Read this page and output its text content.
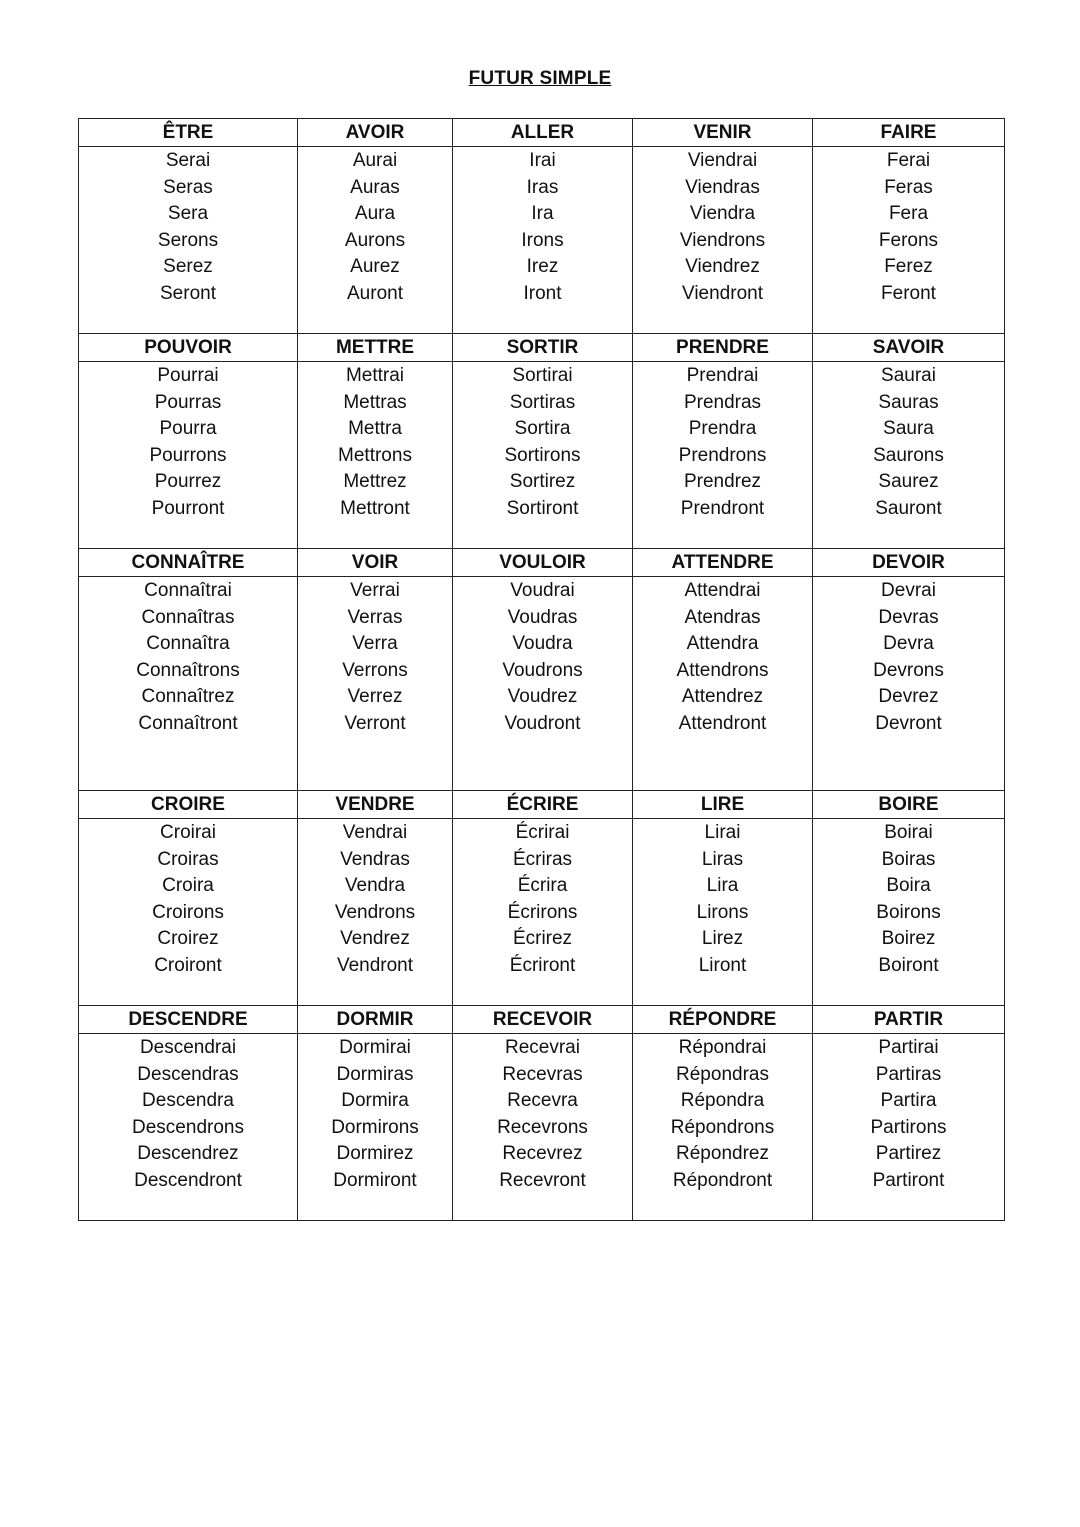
FUTUR SIMPLE
ÊTRE
Serai
Seras
Sera
Serons
Serez
Seront
AVOIR
Aurai
Auras
Aura
Aurons
Aurez
Auront
ALLER
Irai
Iras
Ira
Irons
Irez
Iront
VENIR
Viendrai
Viendras
Viendra
Viendrons
Viendrez
Viendront
FAIRE
Ferai
Feras
Fera
Ferons
Ferez
Feront
POUVOIR
Pourrai
Pourras
Pourra
Pourrons
Pourrez
Pourront
METTRE
Mettrai
Mettras
Mettra
Mettrons
Mettrez
Mettront
SORTIR
Sortirai
Sortiras
Sortira
Sortirons
Sortirez
Sortiront
PRENDRE
Prendrai
Prendras
Prendra
Prendrons
Prendrez
Prendront
SAVOIR
Saurai
Sauras
Saura
Saurons
Saurez
Sauront
CONNAÎTRE
Connaîtrai
Connaîtras
Connaîtra
Connaîtrons
Connaîtrez
Connaîtront
VOIR
Verrai
Verras
Verra
Verrons
Verrez
Verront
VOULOIR
Voudrai
Voudras
Voudra
Voudrons
Voudrez
Voudront
ATTENDRE
Attendrai
Atendras
Attendra
Attendrons
Attendrez
Attendront
DEVOIR
Devrai
Devras
Devra
Devrons
Devrez
Devront
CROIRE
Croirai
Croiras
Croira
Croirons
Croirez
Croiront
VENDRE
Vendrai
Vendras
Vendra
Vendrons
Vendrez
Vendront
ÉCRIRE
Écrirai
Écriras
Écrira
Écrirons
Écrirez
Écriront
LIRE
Lirai
Liras
Lira
Lirons
Lirez
Liront
BOIRE
Boirai
Boiras
Boira
Boirons
Boirez
Boiront
DESCENDRE
Descendrai
Descendras
Descendra
Descendrons
Descendrez
Descendront
DORMIR
Dormirai
Dormiras
Dormira
Dormirons
Dormirez
Dormiront
RECEVOIR
Recevrai
Recevras
Recevra
Recevrons
Recevrez
Recevront
RÉPONDRE
Répondrai
Répondras
Répondra
Répondrons
Répondrez
Répondront
PARTIR
Partirai
Partiras
Partira
Partirons
Partirez
Partiront
